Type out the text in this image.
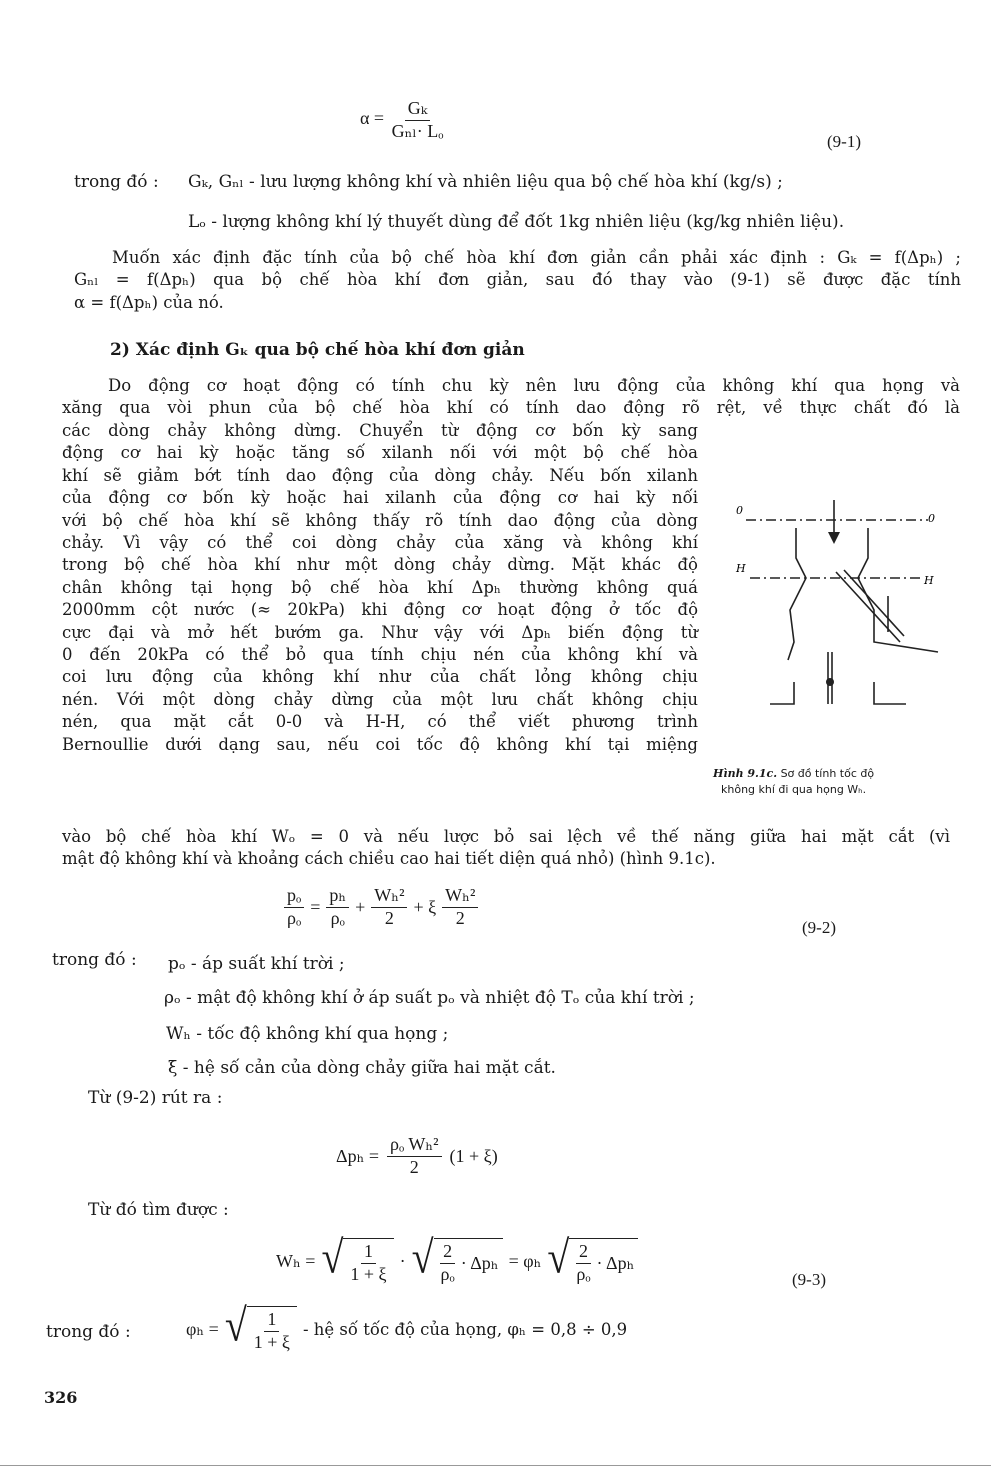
$\alpha = \frac{\text{Gₖ}}{\text{Gₙₗ· Lₒ}}$	(9-1)
trong đó : Gₖ, Gₙₗ - lưu lượng không khí và nhiên liệu qua bộ chế hòa khí (kg/s) ;
Lₒ - lượng không khí lý thuyết dùng để đốt 1kg nhiên liệu (kg/kg nhiên liệu).
Muốn xác định đặc tính của bộ chế hòa khí đơn giản cần phải xác định : Gₖ = f(Δpₕ) ;
Gₙₗ = f(Δpₕ) qua bộ chế hòa khí đơn giản, sau đó thay vào (9-1) sẽ được đặc tính
α = f(Δpₕ) của nó.
2) Xác định Gₖ qua bộ chế hòa khí đơn giản
Do động cơ hoạt động có tính chu kỳ nên lưu động của không khí qua họng và
xăng qua vòi phun của bộ chế hòa khí có tính dao động rõ rệt, về thực chất đó là
các dòng chảy không dừng. Chuyển từ động cơ bốn kỳ sang
động cơ hai kỳ hoặc tăng số xilanh nối với một bộ chế hòa
khí sẽ giảm bớt tính dao động của dòng chảy. Nếu bốn xilanh
của động cơ bốn kỳ hoặc hai xilanh của động cơ hai kỳ nối
với bộ chế hòa khí sẽ không thấy rõ tính dao động của dòng
chảy. Vì vậy có thể coi dòng chảy của xăng và không khí
trong bộ chế hòa khí như một dòng chảy dừng. Mặt khác độ
chân không tại họng bộ chế hòa khí Δpₕ thường không quá
2000mm cột nước (≈ 20kPa) khi động cơ hoạt động ở tốc độ
cực đại và mở hết bướm ga. Như vậy với Δpₕ biến động từ
0 đến 20kPa có thể bỏ qua tính chịu nén của không khí và
coi lưu động của không khí như của chất lỏng không chịu
nén. Với một dòng chảy dừng của một lưu chất không chịu
nén, qua mặt cắt 0-0 và H-H, có thể viết phương trình
Bernoullie dưới dạng sau, nếu coi tốc độ không khí tại miệng
0
0
H
H
Hình 9.1c. Sơ đồ tính tốc độ
không khí đi qua họng Wₕ.
vào bộ chế hòa khí Wₒ = 0 và nếu lược bỏ sai lệch về thế năng giữa hai mặt cắt (vì
mật độ không khí và khoảng cách chiều cao hai tiết diện quá nhỏ) (hình 9.1c).
$\frac{\text{pₒ}}{\text{ρₒ}} = \frac{\text{pₕ}}{\text{ρₒ}} + \frac{\text{Wₕ²}}{2} + \xi \frac{\text{Wₕ²}}{2}$	(9-2)
trong đó : pₒ - áp suất khí trời ;
ρₒ - mật độ không khí ở áp suất pₒ và nhiệt độ Tₒ của khí trời ;
Wₕ - tốc độ không khí qua họng ;
ξ - hệ số cản của dòng chảy giữa hai mặt cắt.
Từ (9-2) rút ra :
$\Delta p_h = \frac{\text{ρₒ Wₕ²}}{2} (1 + \xi)$
Từ đó tìm được :
Wₕ = √ $\frac{1}{1 + \xi}$ · √ $\frac{2}{\text{ρₒ}} \cdot \Delta p_h = \varphi_h$ √ $\frac{2}{\text{ρₒ}} \cdot \Delta p_h$
(9-3)
trong đó :	φₕ = √ $\frac{1}{1 + \xi}$ - hệ số tốc độ của họng, φₕ = 0,8 ÷ 0,9
326
